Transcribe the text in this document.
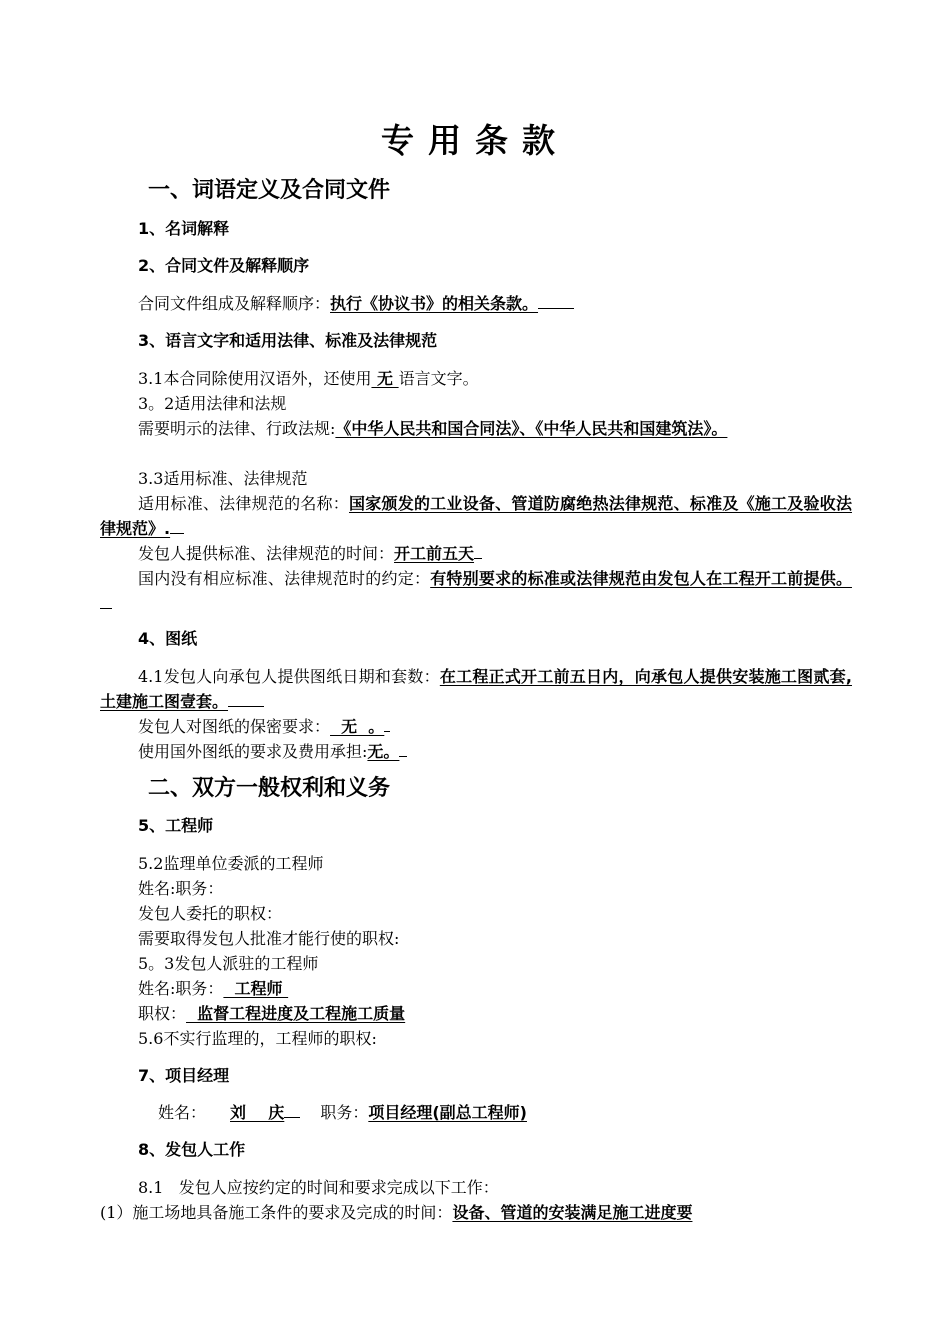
专用条款
一、词语定义及合同文件
1、名词解释
2、合同文件及解释顺序

合同文件组成及解释顺序：执行《协议书》的相关条款。

3、语言文字和适用法律、标准及法律规范

3.1本合同除使用汉语外，还使用 无 语言文字。

3。2适用法律和法规

需要明示的法律、行政法规:《中华人民共和国合同法》、《中华人民共和国建筑法》。

3.3适用标准、法律规范

适用标准、法律规范的名称：国家颁发的工业设备、管道防腐绝热法律规范、标准及《施工及验收法律规范》.

发包人提供标准、法律规范的时间：开工前五天

国内没有相应标准、法律规范时的约定：有特别要求的标准或法律规范由发包人在工程开工前提供。

4、图纸

4.1发包人向承包人提供图纸日期和套数：在工程正式开工前五日内，向承包人提供安装施工图贰套,土建施工图壹套。

发包人对图纸的保密要求：  无  。

使用国外图纸的要求及费用承担:无。

二、双方一般权利和义务
5、工程师

5.2监理单位委派的工程师

姓名:职务：

发包人委托的职权：

需要取得发包人批准才能行使的职权:

5。3发包人派驻的工程师

姓名:职务：  工程师

职权：  监督工程进度及工程施工质量

5.6不实行监理的，工程师的职权:

7、项目经理

姓名： 刘    庆 职务：项目经理(副总工程师)

8、发包人工作

8.1   发包人应按约定的时间和要求完成以下工作：

(1）施工场地具备施工条件的要求及完成的时间：设备、管道的安装满足施工进度要
